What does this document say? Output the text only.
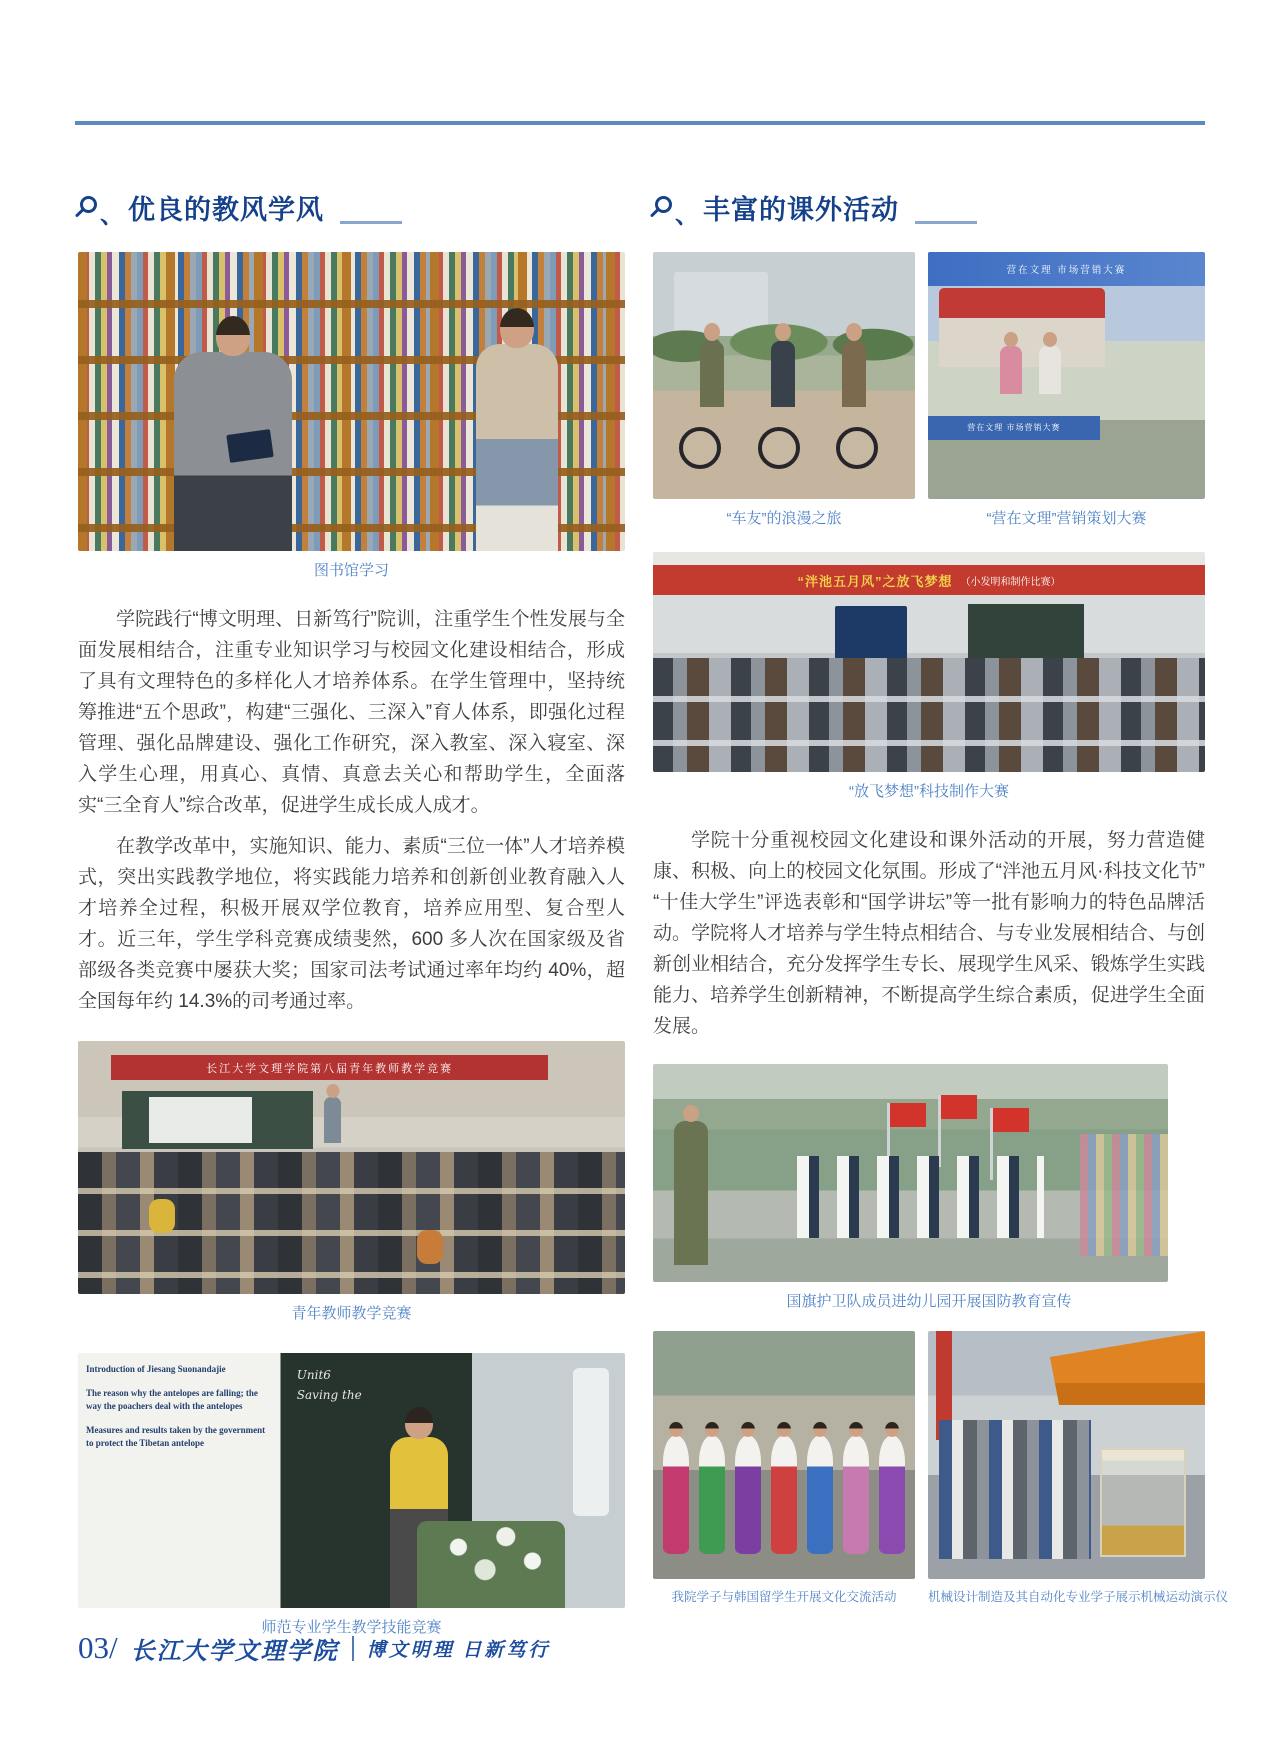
、 优良的教风学风
图书馆学习

学院践行“博文明理、日新笃行”院训，注重学生个性发展与全面发展相结合，注重专业知识学习与校园文化建设相结合，形成了具有文理特色的多样化人才培养体系。在学生管理中，坚持统筹推进“五个思政”，构建“三强化、三深入”育人体系，即强化过程管理、强化品牌建设、强化工作研究，深入教室、深入寝室、深入学生心理，用真心、真情、真意去关心和帮助学生，全面落实“三全育人”综合改革，促进学生成长成人成才。

在教学改革中，实施知识、能力、素质“三位一体”人才培养模式，突出实践教学地位，将实践能力培养和创新创业教育融入人才培养全过程，积极开展双学位教育，培养应用型、复合型人才。近三年，学生学科竞赛成绩斐然，600 多人次在国家级及省部级各类竞赛中屡获大奖；国家司法考试通过率年均约 40%，超全国每年约 14.3%的司考通过率。

长江大学文理学院第八届青年教师教学竞赛
青年教师教学竞赛

Introduction of Jiesang Suonandajie

The reason why the antelopes are falling; the way the poachers deal with the antelopes

Measures and results taken by the government to protect the Tibetan antelope

Unit6
Saving the
师范专业学生教学技能竞赛
、 丰富的课外活动
“车友”的浪漫之旅
营在文理 市场营销大赛
营在文理 市场营销大赛
“营在文理”营销策划大赛
“泮池五月风”之放飞梦想 （小发明和制作比赛）
“放飞梦想”科技制作大赛

学院十分重视校园文化建设和课外活动的开展，努力营造健康、积极、向上的校园文化氛围。形成了“泮池五月风·科技文化节” “十佳大学生”评选表彰和“国学讲坛”等一批有影响力的特色品牌活动。学院将人才培养与学生特点相结合、与专业发展相结合、与创新创业相结合，充分发挥学生专长、展现学生风采、锻炼学生实践能力、培养学生创新精神，不断提高学生综合素质，促进学生全面发展。

国旗护卫队成员进幼儿园开展国防教育宣传
我院学子与韩国留学生开展文化交流活动	机械设计制造及其自动化专业学子展示机械运动演示仪
03/ 长江大学文理学院 博文明理 日新笃行
